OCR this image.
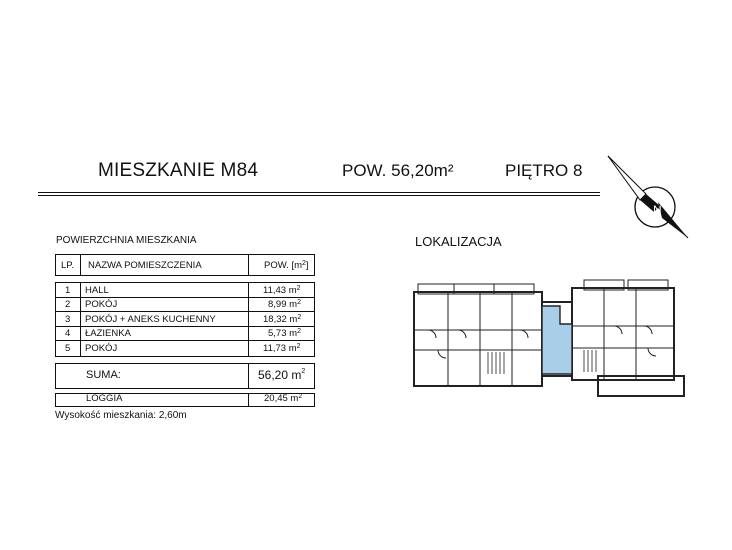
MIESZKANIE M84	POW. 56,20m²	PIĘTRO 8
N
POWIERZCHNIA MIESZKANIA
LP. NAZWA POMIESZCZENIA	POW. $[m^2]$
1 HALL	11,43 $m^2$
2 POKÓJ	8,99 $m^2$
3 POKÓJ + ANEKS KUCHENNY	18,32 $m^2$
4 ŁAZIENKA	5,73 $m^2$
5 POKÓJ	11,73 $m^2$
SUMA:	56,20 $m^2$
LOGGIA	20,45 $m^2$
Wysokość mieszkania: 2,60m
LOKALIZACJA
